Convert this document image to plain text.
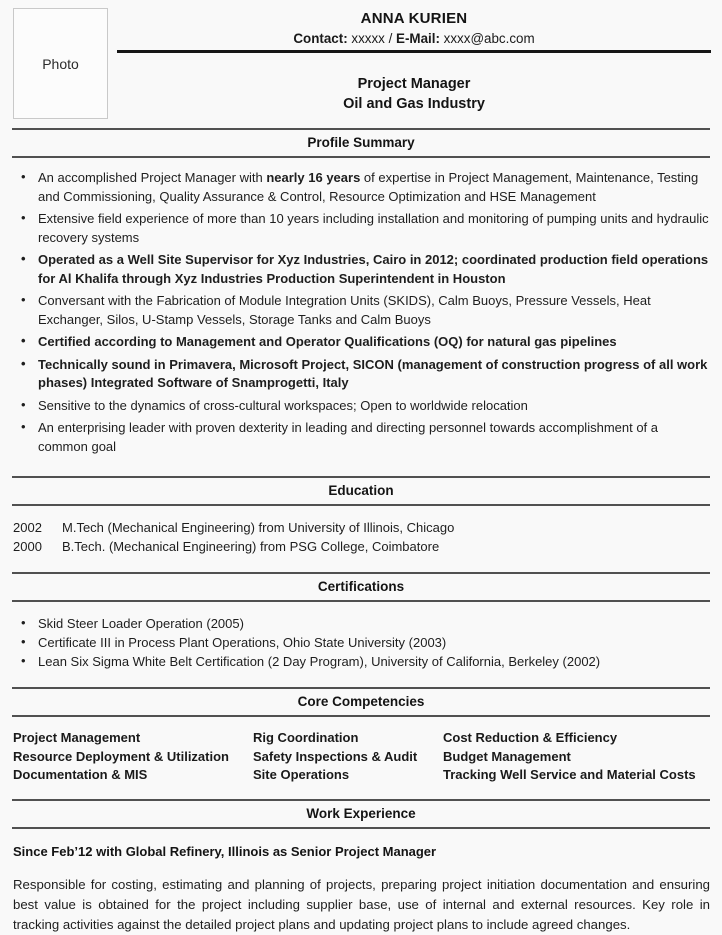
Photo
ANNA KURIEN
Contact: xxxxx / E-Mail: xxxx@abc.com
Project Manager
Oil and Gas Industry
Profile Summary
• An accomplished Project Manager with nearly 16 years of expertise in Project Management, Maintenance, Testing and Commissioning, Quality Assurance & Control, Resource Optimization and HSE Management
• Extensive field experience of more than 10 years including installation and monitoring of pumping units and hydraulic recovery systems
• Operated as a Well Site Supervisor for Xyz Industries, Cairo in 2012; coordinated production field operations for Al Khalifa through Xyz Industries Production Superintendent in Houston
• Conversant with the Fabrication of Module Integration Units (SKIDS), Calm Buoys, Pressure Vessels, Heat Exchanger, Silos, U-Stamp Vessels, Storage Tanks and Calm Buoys
• Certified according to Management and Operator Qualifications (OQ) for natural gas pipelines
• Technically sound in Primavera, Microsoft Project, SICON (management of construction progress of all work phases) Integrated Software of Snamprogetti, Italy
• Sensitive to the dynamics of cross-cultural workspaces; Open to worldwide relocation
• An enterprising leader with proven dexterity in leading and directing personnel towards accomplishment of a common goal
Education
2002	M.Tech (Mechanical Engineering) from University of Illinois, Chicago
2000	B.Tech. (Mechanical Engineering) from PSG College, Coimbatore
Certifications
• Skid Steer Loader Operation (2005)
• Certificate III in Process Plant Operations, Ohio State University (2003)
• Lean Six Sigma White Belt Certification (2 Day Program), University of California, Berkeley (2002)
Core Competencies
Project Management
Resource Deployment & Utilization
Documentation & MIS
Rig Coordination
Safety Inspections & Audit
Site Operations
Cost Reduction & Efficiency
Budget Management
Tracking Well Service and Material Costs
Work Experience
Since Feb’12 with Global Refinery, Illinois as Senior Project Manager
Responsible for costing, estimating and planning of projects, preparing project initiation documentation and ensuring best value is obtained for the project including supplier base, use of internal and external resources. Key role in tracking activities against the detailed project plans and updating project plans to include agreed changes.
